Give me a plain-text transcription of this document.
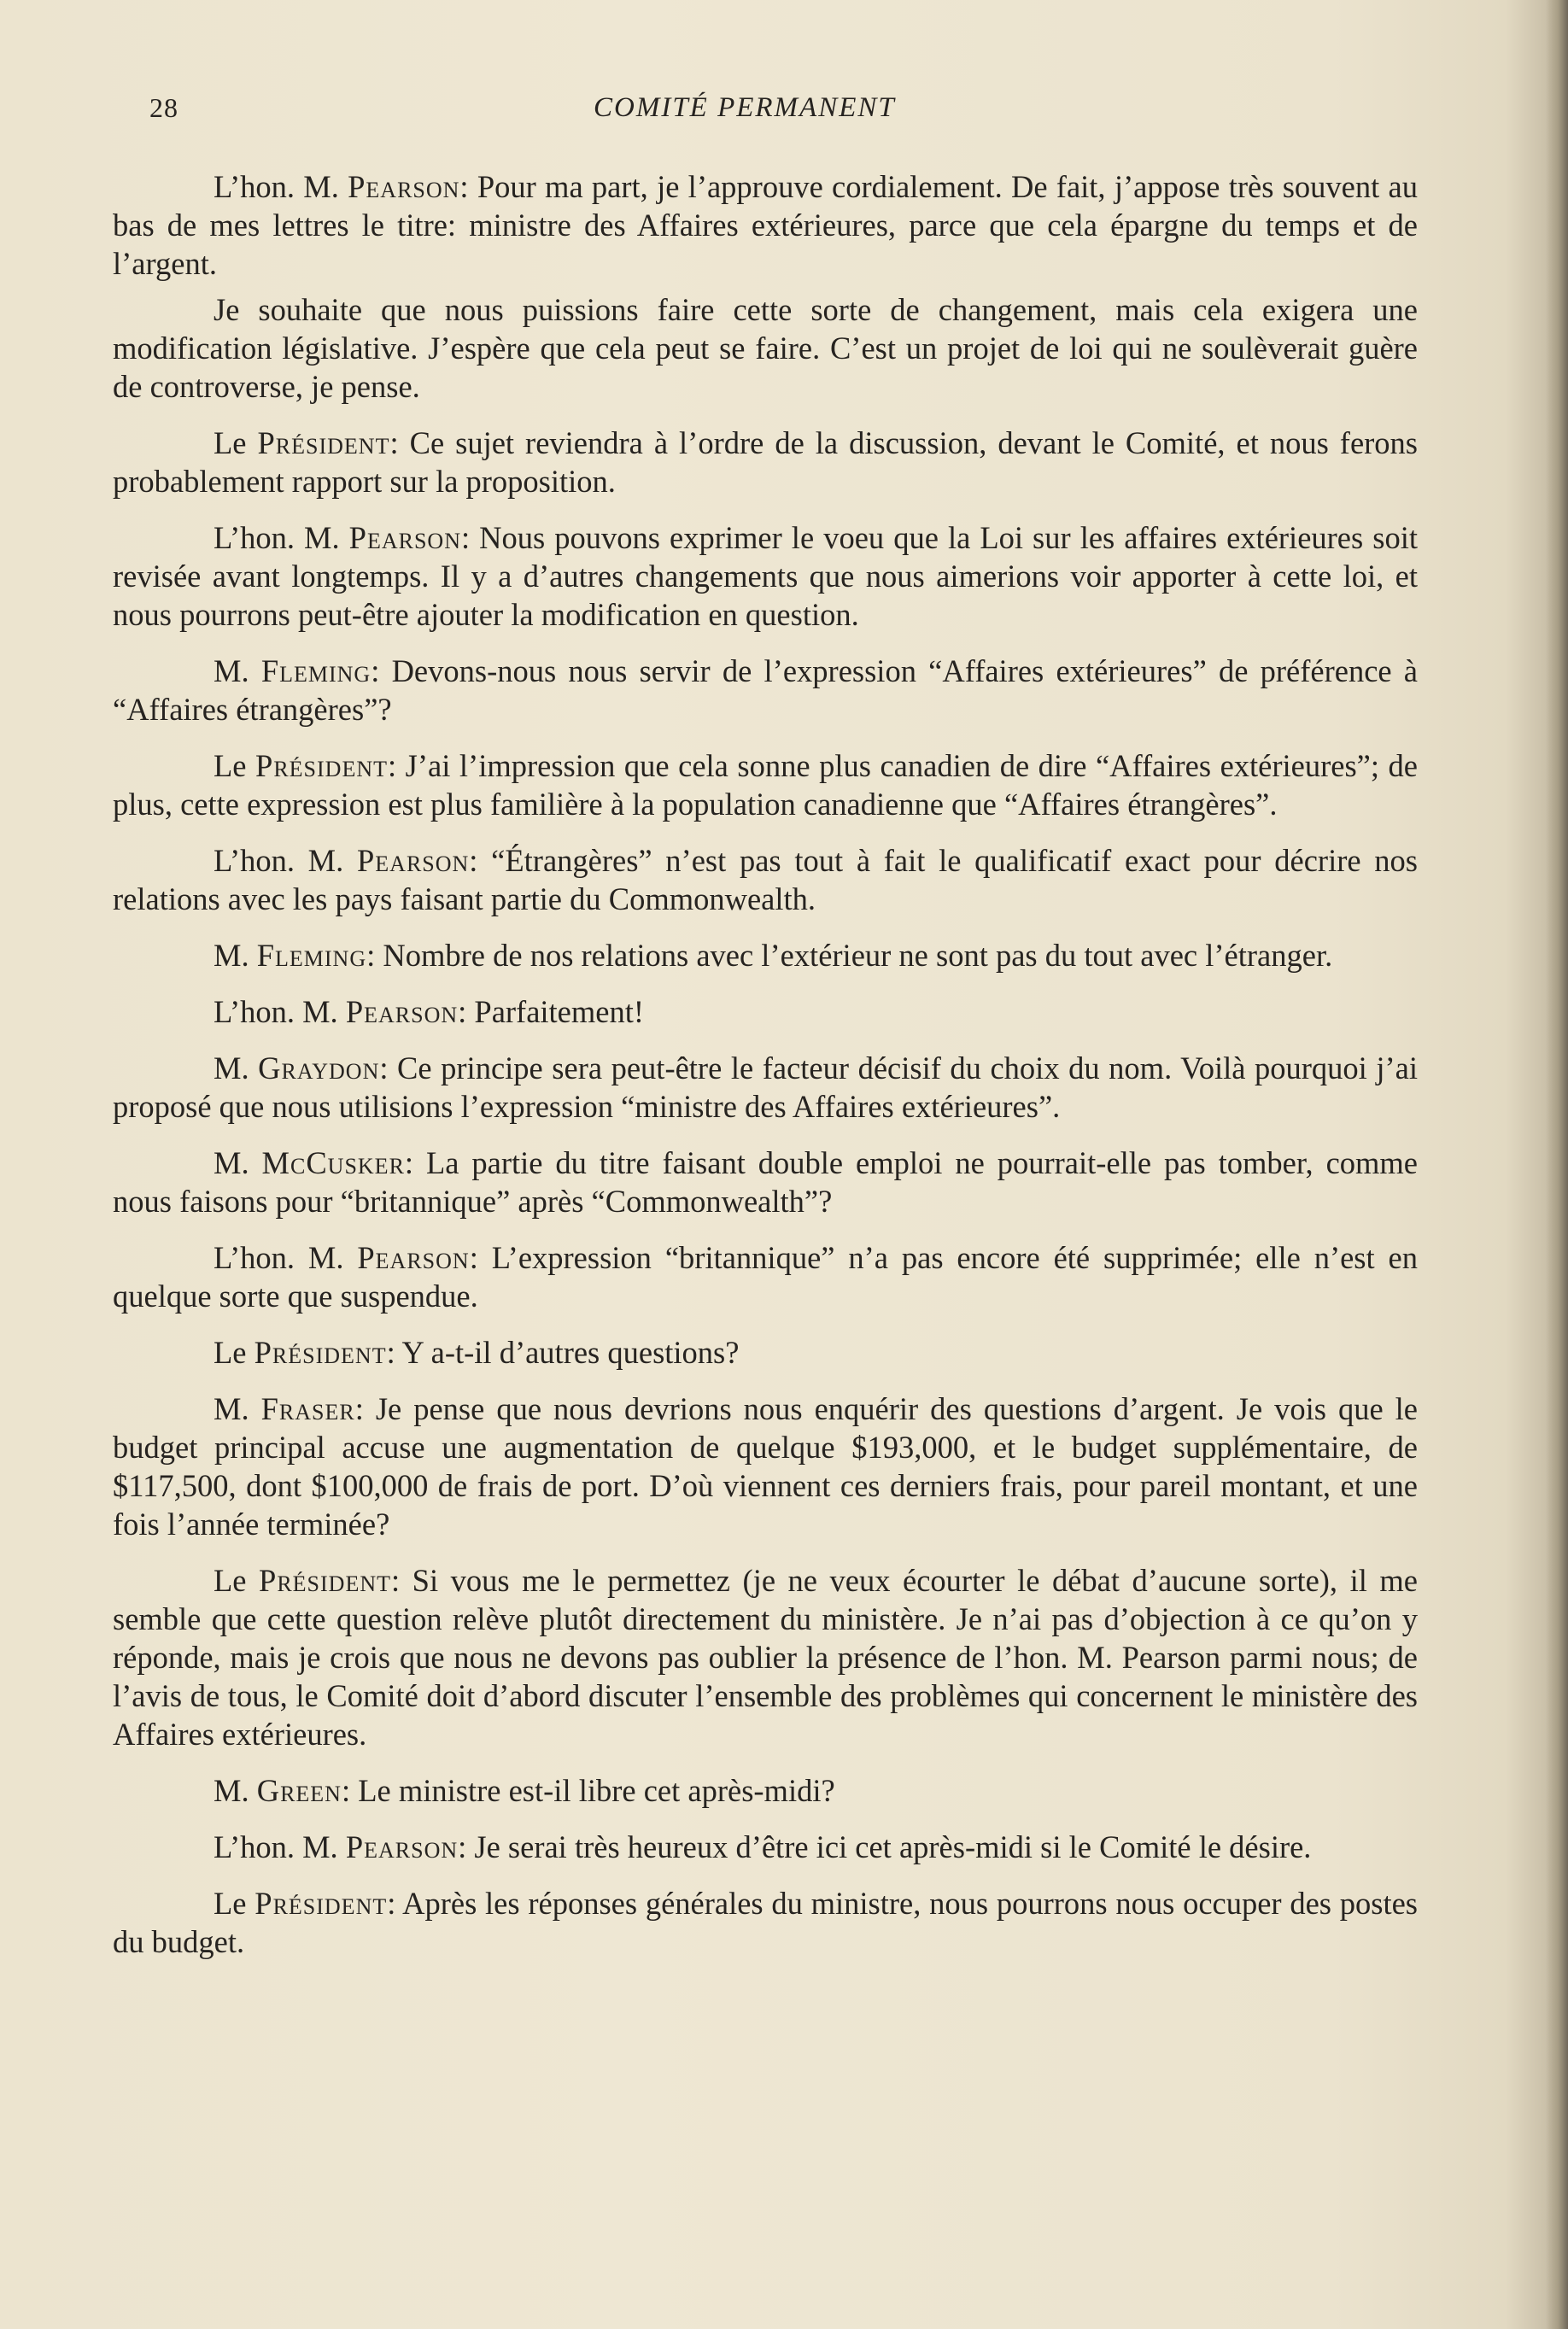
28	COMITÉ PERMANENT

L’hon. M. Pearson: Pour ma part, je l’approuve cordialement. De fait, j’appose très souvent au bas de mes lettres le titre: ministre des Affaires extérieures, parce que cela épargne du temps et de l’argent.

Je souhaite que nous puissions faire cette sorte de changement, mais cela exigera une modification législative. J’espère que cela peut se faire. C’est un projet de loi qui ne soulèverait guère de controverse, je pense.

Le Président: Ce sujet reviendra à l’ordre de la discussion, devant le Comité, et nous ferons probablement rapport sur la proposition.

L’hon. M. Pearson: Nous pouvons exprimer le voeu que la Loi sur les affaires extérieures soit revisée avant longtemps. Il y a d’autres changements que nous aimerions voir apporter à cette loi, et nous pourrons peut-être ajouter la modification en question.

M. Fleming: Devons-nous nous servir de l’expression “Affaires extérieures” de préférence à “Affaires étrangères”?

Le Président: J’ai l’impression que cela sonne plus canadien de dire “Affaires extérieures”; de plus, cette expression est plus familière à la population canadienne que “Affaires étrangères”.

L’hon. M. Pearson: “Étrangères” n’est pas tout à fait le qualificatif exact pour décrire nos relations avec les pays faisant partie du Commonwealth.

M. Fleming: Nombre de nos relations avec l’extérieur ne sont pas du tout avec l’étranger.

L’hon. M. Pearson: Parfaitement!

M. Graydon: Ce principe sera peut-être le facteur décisif du choix du nom. Voilà pourquoi j’ai proposé que nous utilisions l’expression “ministre des Affaires extérieures”.

M. McCusker: La partie du titre faisant double emploi ne pourrait-elle pas tomber, comme nous faisons pour “britannique” après “Commonwealth”?

L’hon. M. Pearson: L’expression “britannique” n’a pas encore été supprimée; elle n’est en quelque sorte que suspendue.

Le Président: Y a-t-il d’autres questions?

M. Fraser: Je pense que nous devrions nous enquérir des questions d’argent. Je vois que le budget principal accuse une augmentation de quelque $193,000, et le budget supplémentaire, de $117,500, dont $100,000 de frais de port. D’où viennent ces derniers frais, pour pareil montant, et une fois l’année terminée?

Le Président: Si vous me le permettez (je ne veux écourter le débat d’aucune sorte), il me semble que cette question relève plutôt directement du ministère. Je n’ai pas d’objection à ce qu’on y réponde, mais je crois que nous ne devons pas oublier la présence de l’hon. M. Pearson parmi nous; de l’avis de tous, le Comité doit d’abord discuter l’ensemble des problèmes qui concernent le ministère des Affaires extérieures.

M. Green: Le ministre est-il libre cet après-midi?

L’hon. M. Pearson: Je serai très heureux d’être ici cet après-midi si le Comité le désire.

Le Président: Après les réponses générales du ministre, nous pourrons nous occuper des postes du budget.
